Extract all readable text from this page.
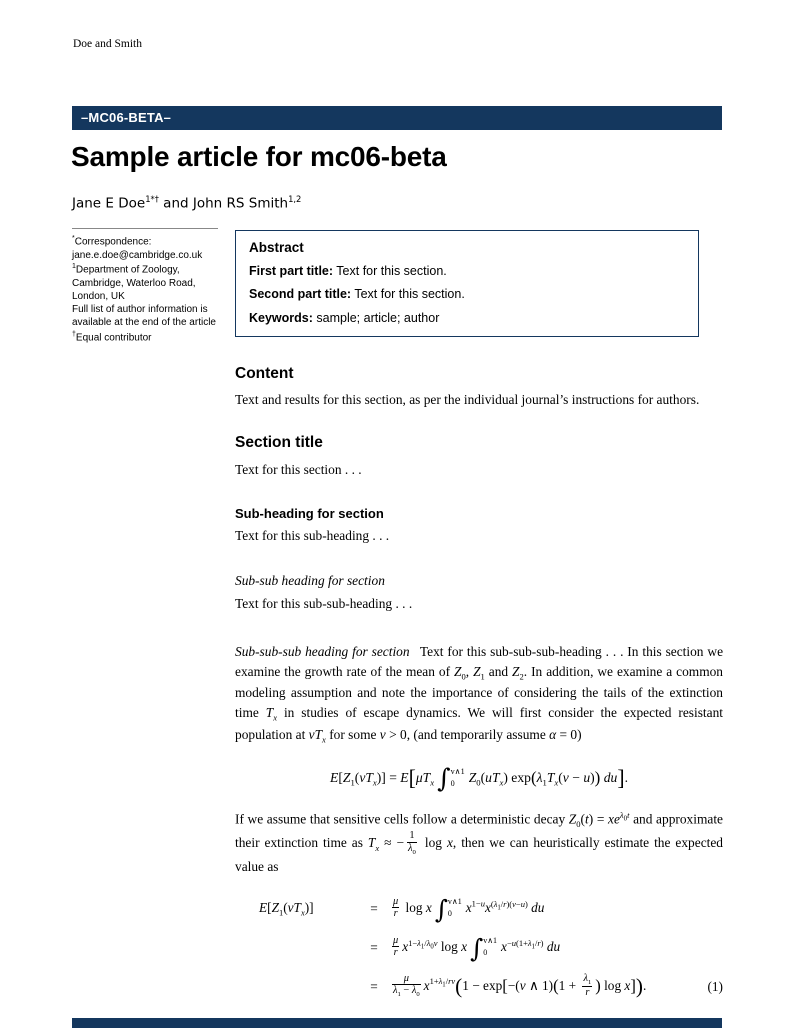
Doe and Smith
–MC06-BETA–
Sample article for mc06-beta
Jane E Doe$^{1*\dagger}$ and John RS Smith$^{1,2}$
*Correspondence:
jane.e.doe@cambridge.co.uk
$^1$Department of Zoology,
Cambridge, Waterloo Road,
London, UK
Full list of author information is available at the end of the article
†Equal contributor
Abstract

First part title: Text for this section.

Second part title: Text for this section.

Keywords: sample; article; author

Content

Text and results for this section, as per the individual journal’s instructions for authors.

Section title

Text for this section . . .

Sub-heading for section

Text for this sub-heading . . .

Sub-sub heading for section

Text for this sub-sub-heading . . .

Sub-sub-sub heading for section  Text for this sub-sub-sub-heading . . . In this section we examine the growth rate of the mean of $Z_0$, $Z_1$ and $Z_2$. In addition, we examine a common modeling assumption and note the importance of considering the tails of the extinction time $T_x$ in studies of escape dynamics. We will first consider the expected resistant population at $vT_x$ for some v > 0, (and temporarily assume α = 0)

$E[Z_1(vT_x)] = E[\mu T_x$ ∫ v∧1
0 $Z_0(uT_x) \exp(\lambda_1T_x(v - u))$ du].

If we assume that sensitive cells follow a deterministic decay $Z_0(t) = xe^{\lambda_0t}$ and approximate their extinction time as $T_x$ ≈ − $\frac{1}{\lambda_0}$ log x, then we can heuristically estimate the expected value as

$E[Z_1(vT_x)]$	=	$\frac{\mu}{r}$ log x ∫ v∧1
0 $x^{1-u}x^{(\lambda_1/r)(v-u)}$ du
=	$\frac{\mu}{r} x^{1-\lambda_1/\lambda_0v}$ log x ∫ v∧1
0 $x^{-u(1+\lambda_1/r)}$ du
=	$\frac{\mu}{\lambda_1 - \lambda_0} x^{1+\lambda_1/rv}(1 - \exp[-(v$ ∧ $1)(1 + \frac{\lambda_1}{r}$ ) log x]).	(1)
